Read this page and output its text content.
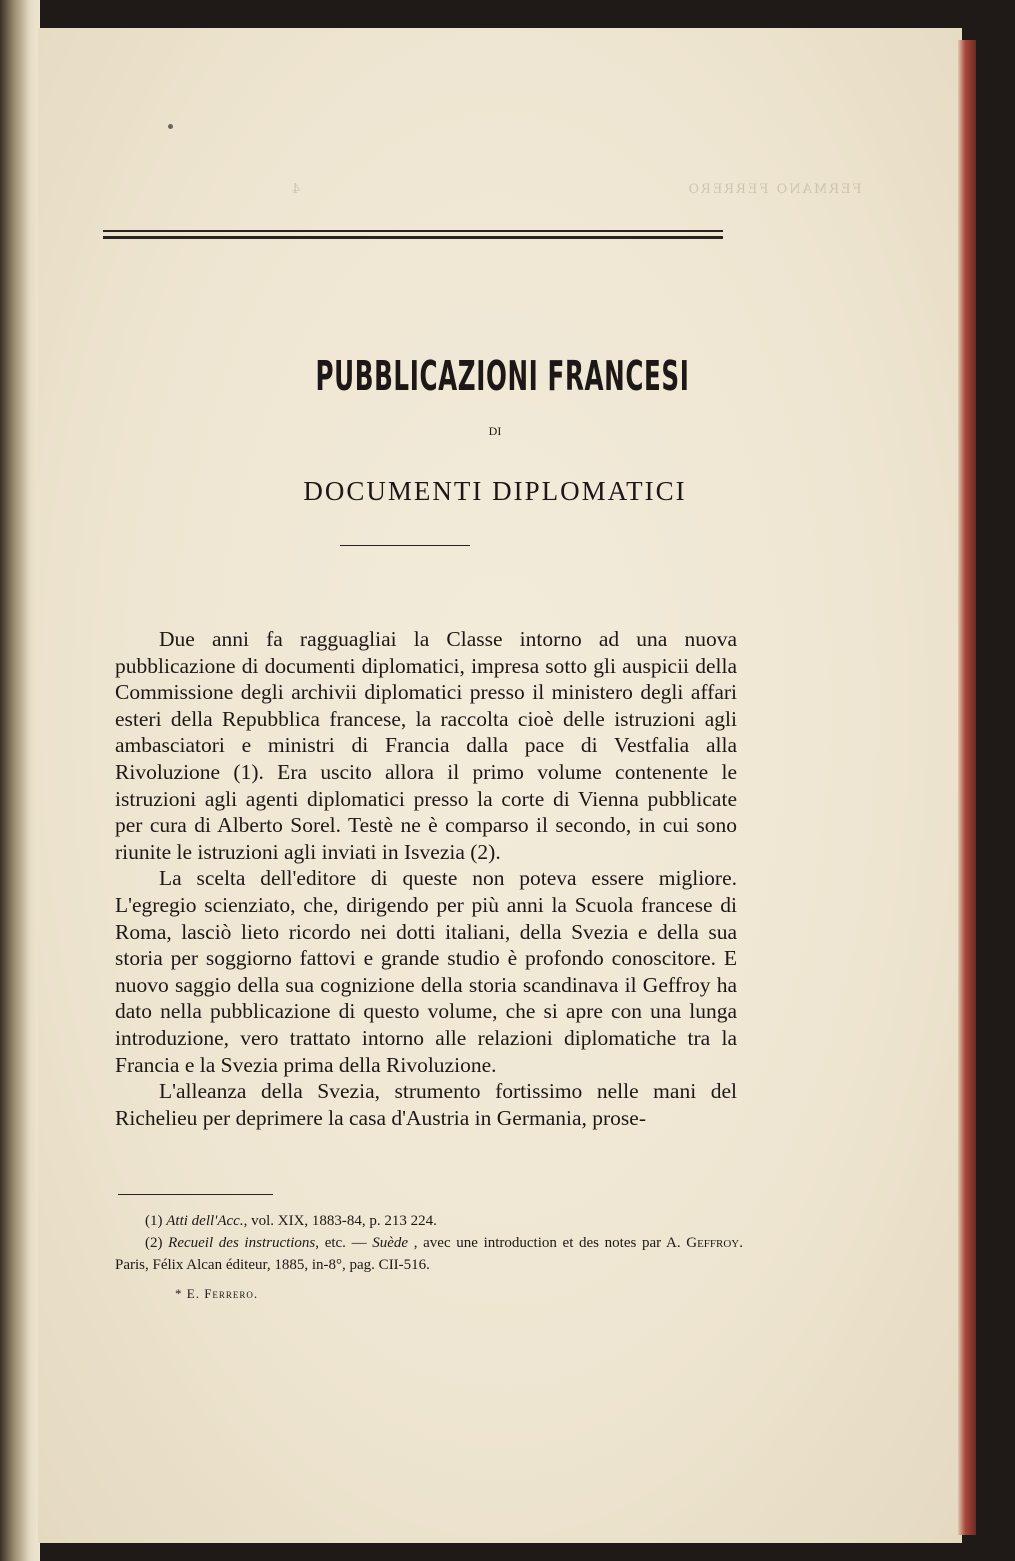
FERMANO FERRERO 4
PUBBLICAZIONI FRANCESI
DI
DOCUMENTI DIPLOMATICI

Due anni fa ragguagliai la Classe intorno ad una nuova pubblicazione di documenti diplomatici, impresa sotto gli auspicii della Commissione degli archivii diplomatici presso il ministero degli affari esteri della Repubblica francese, la raccolta cioè delle istruzioni agli ambasciatori e ministri di Francia dalla pace di Vestfalia alla Rivoluzione (1). Era uscito allora il primo volume contenente le istruzioni agli agenti diplomatici presso la corte di Vienna pubblicate per cura di Alberto Sorel. Testè ne è comparso il secondo, in cui sono riunite le istruzioni agli inviati in Isvezia (2).

La scelta dell'editore di queste non poteva essere migliore. L'egregio scienziato, che, dirigendo per più anni la Scuola francese di Roma, lasciò lieto ricordo nei dotti italiani, della Svezia e della sua storia per soggiorno fattovi e grande studio è profondo conoscitore. E nuovo saggio della sua cognizione della storia scandinava il Geffroy ha dato nella pubblicazione di questo volume, che si apre con una lunga introduzione, vero trattato intorno alle relazioni diplomatiche tra la Francia e la Svezia prima della Rivoluzione.

L'alleanza della Svezia, strumento fortissimo nelle mani del Richelieu per deprimere la casa d'Austria in Germania, prose-

(1) Atti dell'Acc., vol. XIX, 1883-84, p. 213 224.

(2) Recueil des instructions, etc. — Suède , avec une introduction et des notes par A. Geffroy. Paris, Félix Alcan éditeur, 1885, in-8°, pag. CII-516.

* E. Ferrero.
